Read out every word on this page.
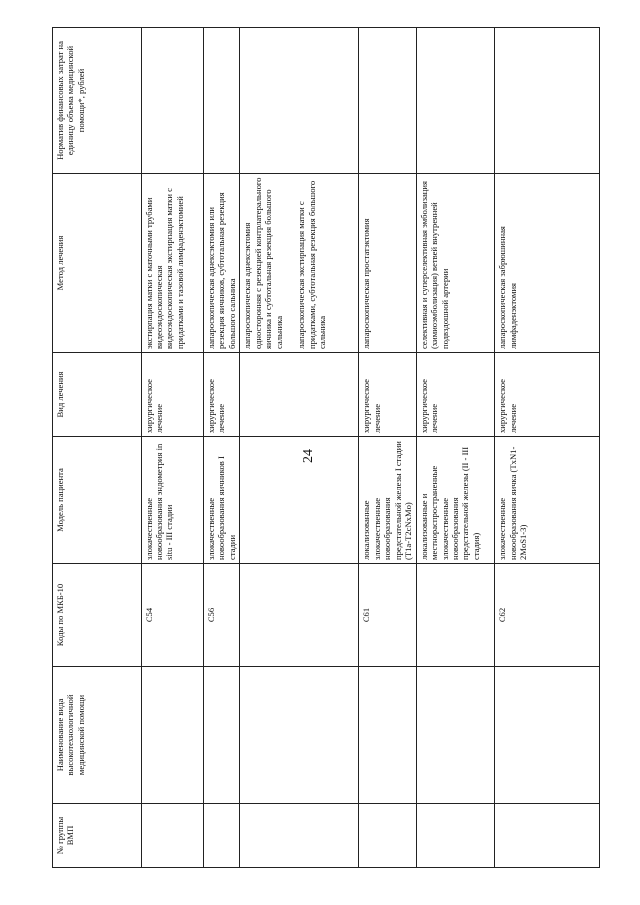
24
№ группы ВМП	Наименование вида высокотехнологичной медицинской помощи	Коды по МКБ-10	Модель пациента	Вид лечения	Метод лечения	Норматив финансовых затрат на единицу объема медицинской помощи*, рублей
		C54	злокачественные новообразования эндометрия in situ - III стадии	хирургическое лечение	экстирпация матки с маточными трубами видеоэндоскопическая видеоэндоскопическая экстирпация матки с придатками и тазовой лимфаденэктомией	

		C56	злокачественные новообразования яичников I стадии	хирургическое лечение	лапароскопическая аднексэктомия или резекция яичников, субтотальная резекция большого сальника	

					лапароскопическая аднексэктомия односторонняя с резекцией контрлатерального яичника и субтотальная резекция большого сальника лапароскопическая экстирпация матки с придатками, субтотальная резекция большого сальника	

		C61	локализованные злокачественные новообразования предстательной железы I стадии (T1a-T2cNxMo)	хирургическое лечение	лапароскопическая простатэктомия	
			локализованные и местнораспространенные злокачественные новообразования предстательной железы (II - III стадия)	хирургическое лечение	селективная и суперселективная эмболизация (химиоэмболизация) ветвей внутренней подвздошной артерии	
		C62	злокачественные новообразования яичка (TxN1-2MoS1-3)	хирургическое лечение	лапароскопическая забрюшинная лимфаденэктомия	
